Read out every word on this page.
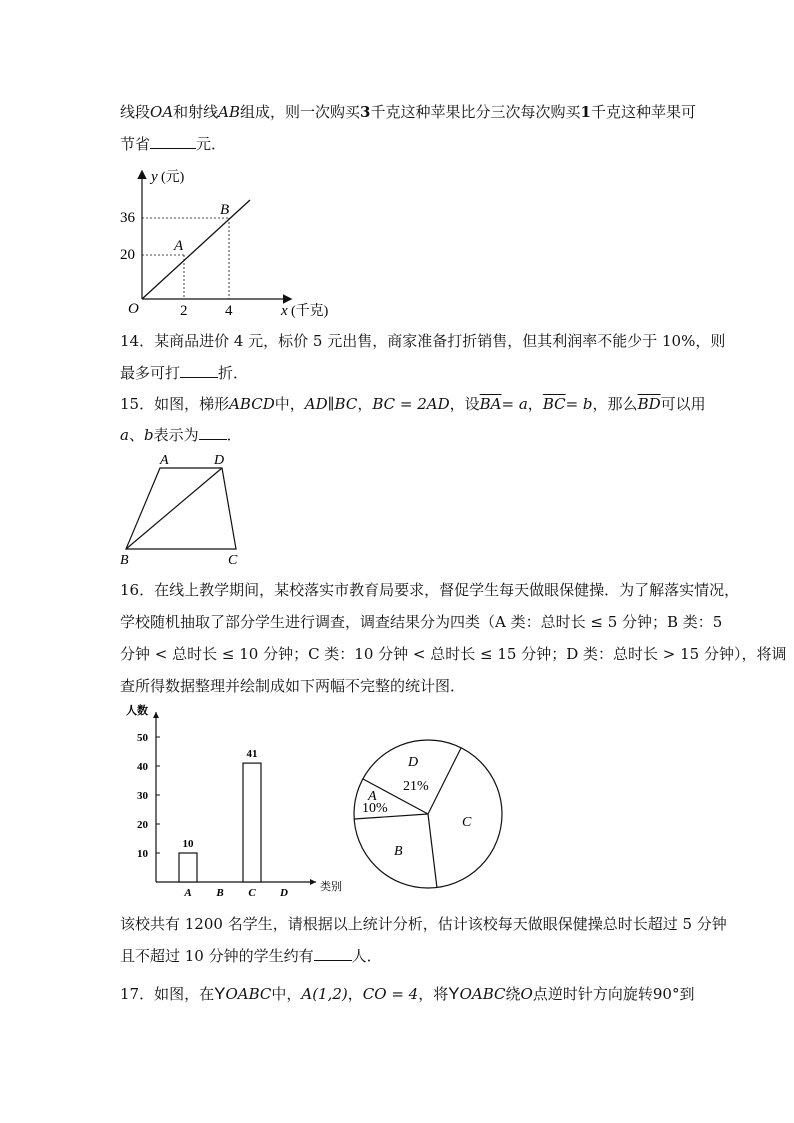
线段OA和射线AB组成，则一次购买3千克这种苹果比分三次每次购买1千克这种苹果可
节省	元．
y (元)
36
20
O	2	4	x (千克)
A
B
14．某商品进价 4 元，标价 5 元出售，商家准备打折销售，但其利润率不能少于 10%，则
最多可打	折．
15．如图，梯形ABCD中，AD∥BC，BC = 2AD，设$\overline{BA}= a$，$\overline{BC}= b$，那么$\overline{BD}$可以用
a、b表示为 ．
A	D
B	C
16．在线上教学期间，某校落实市教育局要求，督促学生每天做眼保健操．为了解落实情况，
学校随机抽取了部分学生进行调查，调查结果分为四类（A 类：总时长 ≤ 5 分钟；B 类：5
分钟 < 总时长 ≤ 10 分钟；C 类：10 分钟 < 总时长 ≤ 15 分钟；D 类：总时长 > 15 分钟），将调
查所得数据整理并绘制成如下两幅不完整的统计图．
人数
类别
10
20
30
40
50
A
10
B C
41
D
D
21%
A
10%
B
C
该校共有 1200 名学生，请根据以上统计分析，估计该校每天做眼保健操总时长超过 5 分钟
且不超过 10 分钟的学生约有	人．
17．如图，在YOABC中，A(1,2)，CO = 4，将YOABC绕O点逆时针方向旋转90°到
